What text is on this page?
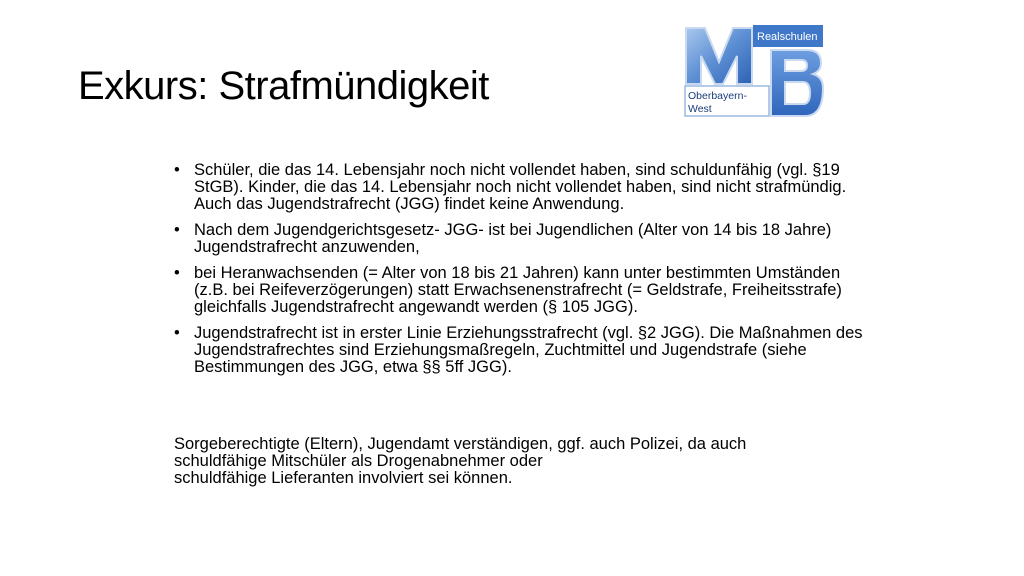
Exkurs: Strafmündigkeit
Realschulen
Oberbayern-
West
• Schüler, die das 14. Lebensjahr noch nicht vollendet haben, sind schuldunfähig (vgl. §19 StGB). Kinder, die das 14. Lebensjahr noch nicht vollendet haben, sind nicht strafmündig. Auch das Jugendstrafrecht (JGG) findet keine Anwendung.
• Nach dem Jugendgerichtsgesetz- JGG- ist bei Jugendlichen (Alter von 14 bis 18 Jahre) Jugendstrafrecht anzuwenden,
• bei Heranwachsenden (= Alter von 18 bis 21 Jahren) kann unter bestimmten Umständen (z.B. bei Reifeverzögerungen) statt Erwachsenenstrafrecht (= Geldstrafe, Freiheitsstrafe) gleichfalls Jugendstrafrecht angewandt werden (§ 105 JGG).
• Jugendstrafrecht ist in erster Linie Erziehungsstrafrecht (vgl. §2 JGG). Die Maßnahmen des Jugendstrafrechtes sind Erziehungsmaßregeln, Zuchtmittel und Jugendstrafe (siehe Bestimmungen des JGG, etwa §§ 5ff JGG).
Sorgeberechtigte (Eltern), Jugendamt verständigen, ggf. auch Polizei, da auch
schuldfähige Mitschüler als Drogenabnehmer oder
schuldfähige Lieferanten involviert sei können.
